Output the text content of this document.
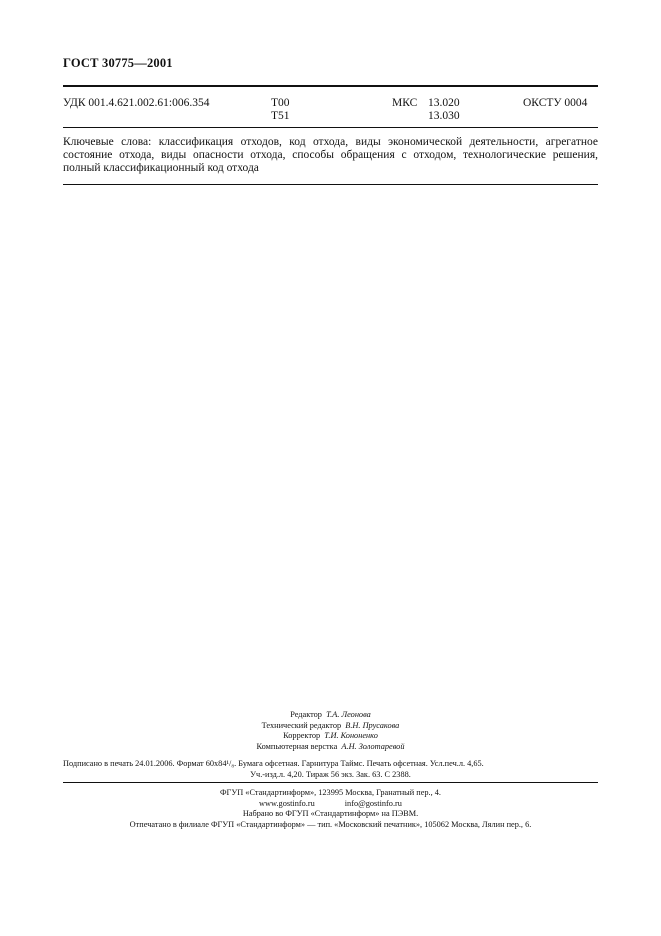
ГОСТ 30775—2001
УДК 001.4.621.002.61:006.354	Т00
Т51
МКС 13.020
13.030
ОКСТУ 0004
Ключевые слова: классификация отходов, код отхода, виды экономической деятельности, агрегатное состояние отхода, виды опасности отхода, способы обращения с отходом, технологические решения, полный классификационный код отхода
Редактор Т.А. Леонова
Технический редактор В.Н. Прусакова
Корректор Т.И. Кононенко
Компьютерная верстка А.Н. Золотаревой
Подписано в печать 24.01.2006. Формат 60x84¹/₈. Бумага офсетная. Гарнитура Таймс. Печать офсетная. Усл.печ.л. 4,65.
Уч.-изд.л. 4,20. Тираж 56 экз. Зак. 63. С 2388.
ФГУП «Стандартинформ», 123995 Москва, Гранатный пер., 4.
www.gostinfo.ru	info@gostinfo.ru
Набрано во ФГУП «Стандартинформ» на ПЭВМ.
Отпечатано в филиале ФГУП «Стандартинформ» — тип. «Московский печатник», 105062 Москва, Лялин пер., 6.
